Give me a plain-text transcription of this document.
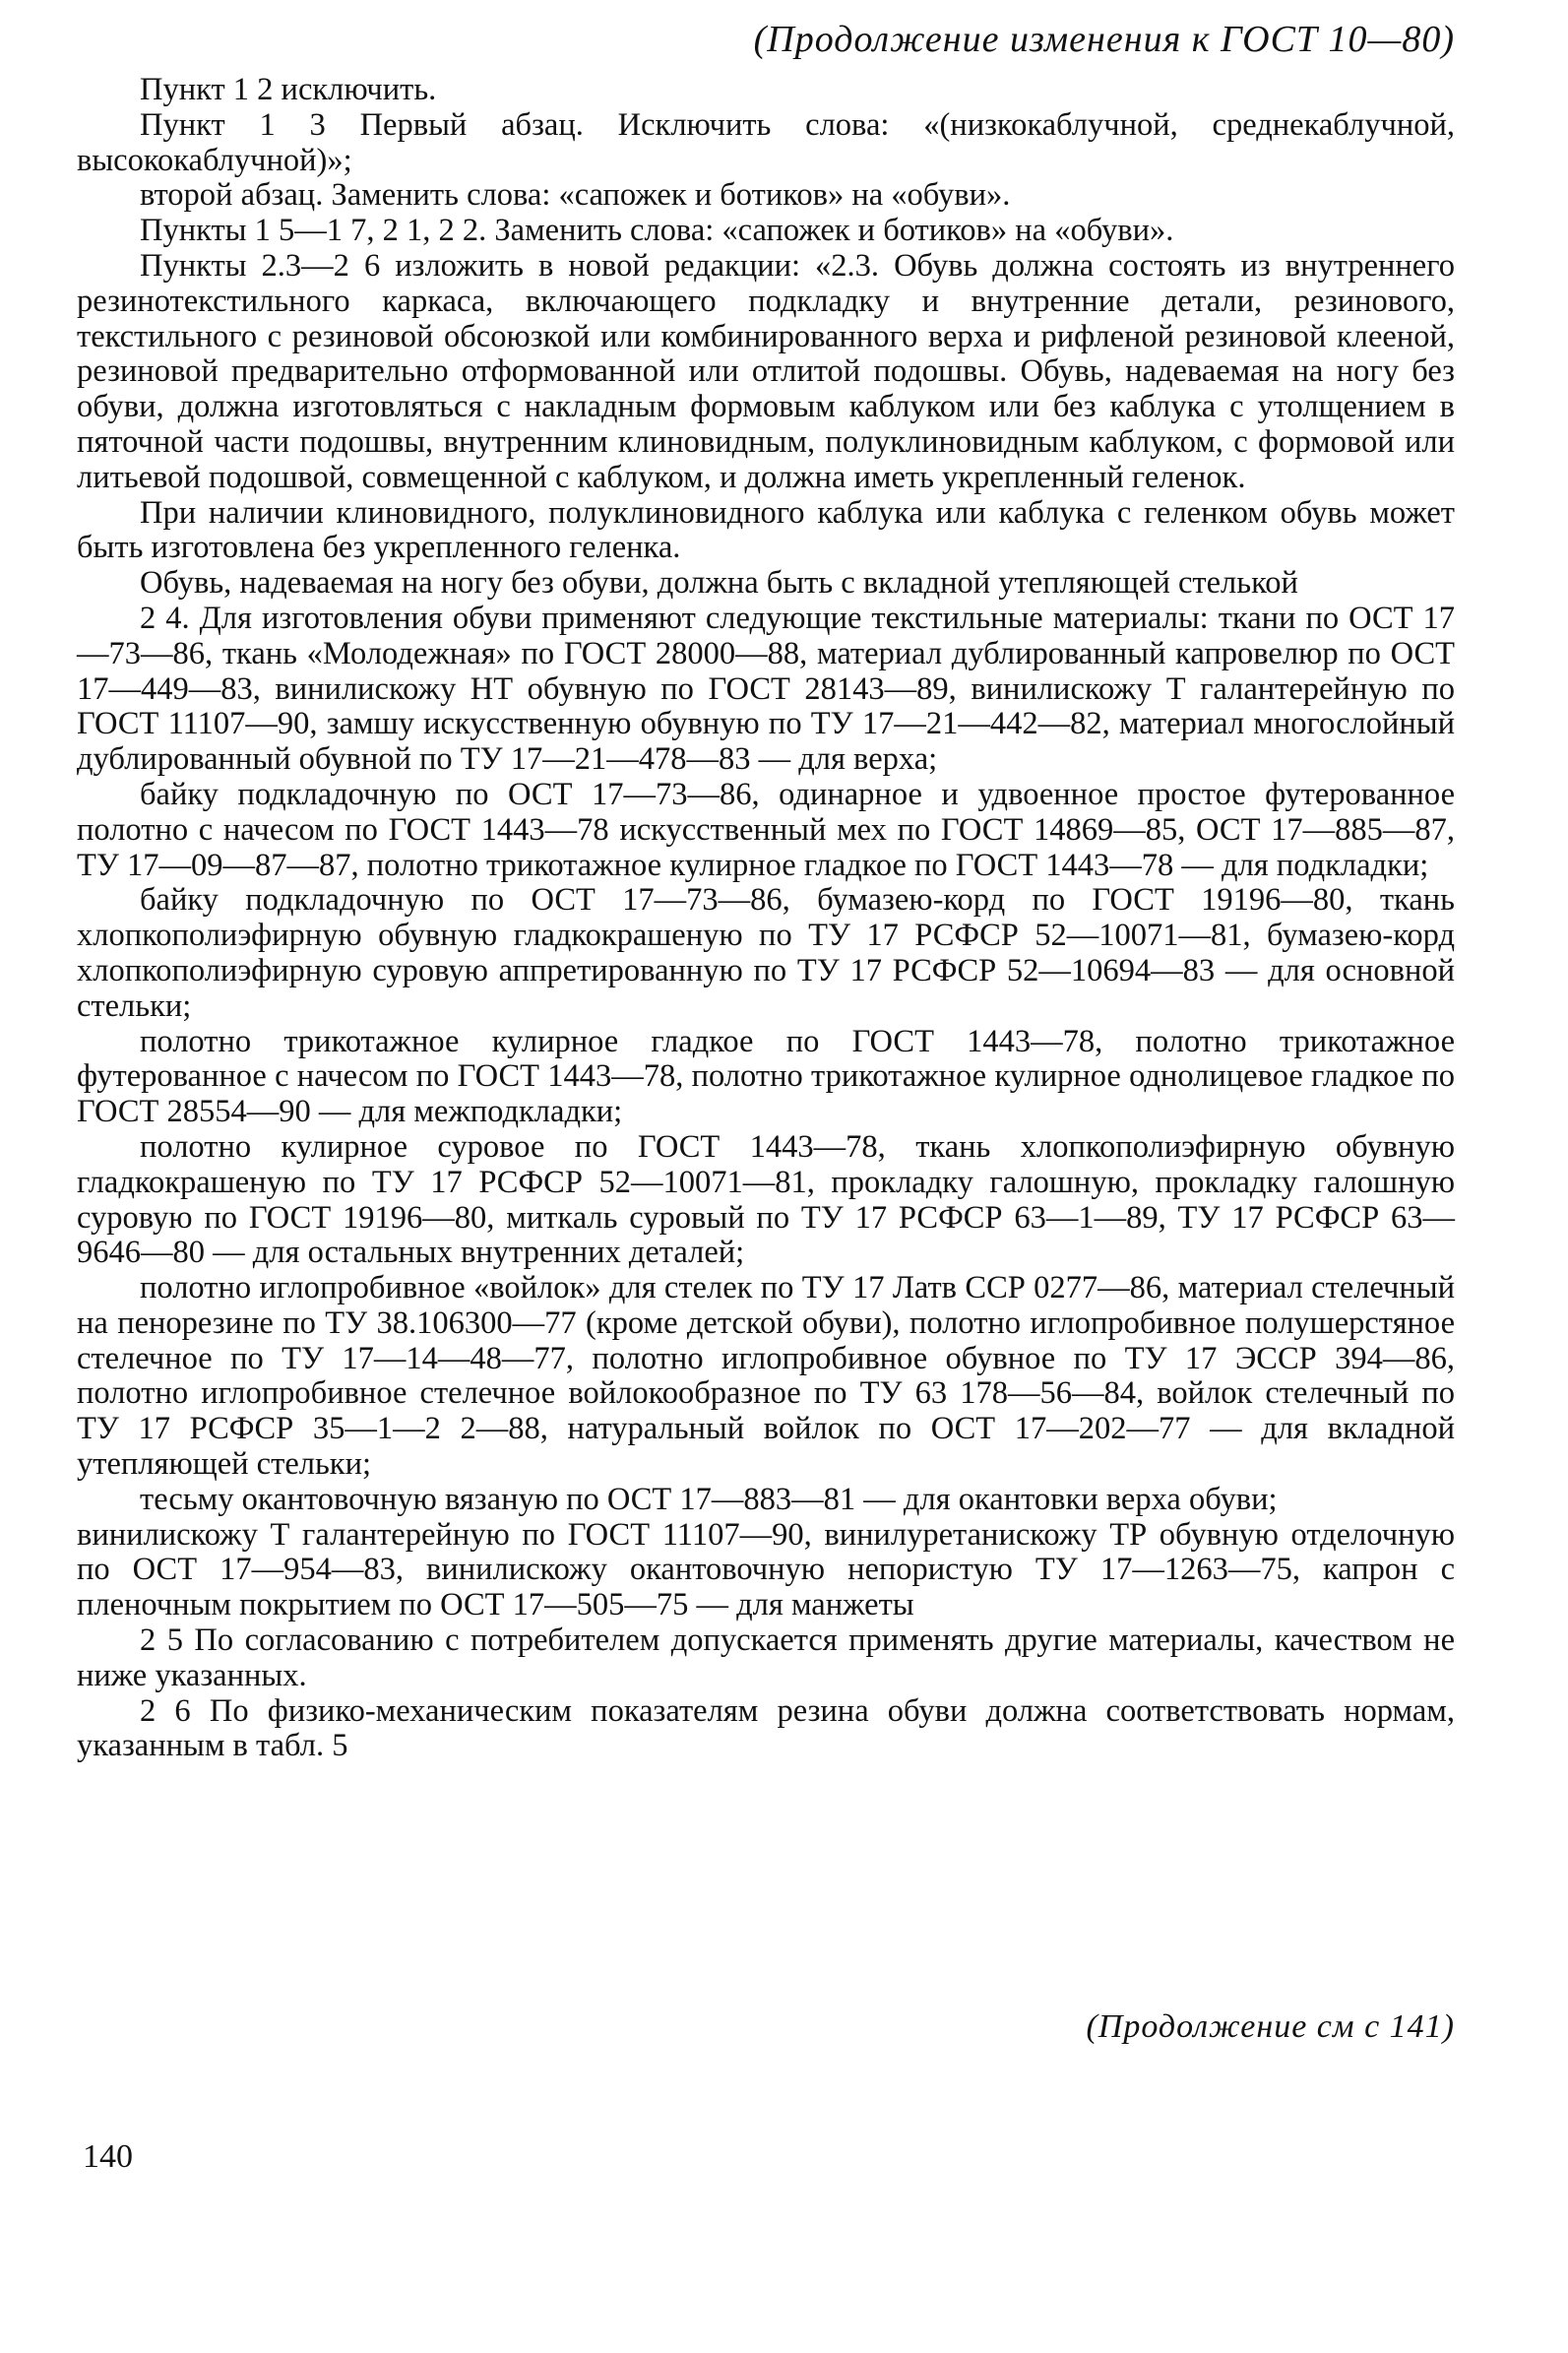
(Продолжение изменения к ГОСТ 10—80)

Пункт 1 2 исключить.

Пункт 1 3 Первый абзац. Исключить слова: «(низкокаблучной, среднекаблучной, высококаблучной)»;

второй абзац. Заменить слова: «сапожек и ботиков» на «обуви».

Пункты 1 5—1 7, 2 1, 2 2. Заменить слова: «сапожек и ботиков» на «обуви».

Пункты 2.3—2 6 изложить в новой редакции: «2.3. Обувь должна состоять из внутреннего резинотекстильного каркаса, включающего подкладку и внутренние детали, резинового, текстильного с резиновой обсоюзкой или комбинированного верха и рифленой резиновой клееной, резиновой предварительно отформованной или отлитой подошвы. Обувь, надеваемая на ногу без обуви, должна изготовляться с накладным формовым каблуком или без каблука с утолщением в пяточной части подошвы, внутренним клиновидным, полуклиновидным каблуком, с формовой или литьевой подошвой, совмещенной с каблуком, и должна иметь укрепленный геленок.

При наличии клиновидного, полуклиновидного каблука или каблука с геленком обувь может быть изготовлена без укрепленного геленка.

Обувь, надеваемая на ногу без обуви, должна быть с вкладной утепляющей стелькой

2 4. Для изготовления обуви применяют следующие текстильные материалы: ткани по ОСТ 17—73—86, ткань «Молодежная» по ГОСТ 28000—88, материал дублированный капровелюр по ОСТ 17—449—83, винилискожу НТ обувную по ГОСТ 28143—89, винилискожу Т галантерейную по ГОСТ 11107—90, замшу искусственную обувную по ТУ 17—21—442—82, материал многослойный дублированный обувной по ТУ 17—21—478—83 — для верха;

байку подкладочную по ОСТ 17—73—86, одинарное и удвоенное простое футерованное полотно с начесом по ГОСТ 1443—78 искусственный мех по ГОСТ 14869—85, ОСТ 17—885—87, ТУ 17—09—87—87, полотно трикотажное кулирное гладкое по ГОСТ 1443—78 — для подкладки;

байку подкладочную по ОСТ 17—73—86, бумазею-корд по ГОСТ 19196—80, ткань хлопкополиэфирную обувную гладкокрашеную по ТУ 17 РСФСР 52—10071—81, бумазею-корд хлопкополиэфирную суровую аппретированную по ТУ 17 РСФСР 52—10694—83 — для основной стельки;

полотно трикотажное кулирное гладкое по ГОСТ 1443—78, полотно трикотажное футерованное с начесом по ГОСТ 1443—78, полотно трикотажное кулирное однолицевое гладкое по ГОСТ 28554—90 — для межподкладки;

полотно кулирное суровое по ГОСТ 1443—78, ткань хлопкополиэфирную обувную гладкокрашеную по ТУ 17 РСФСР 52—10071—81, прокладку галошную, прокладку галошную суровую по ГОСТ 19196—80, миткаль суровый по ТУ 17 РСФСР 63—1—89, ТУ 17 РСФСР 63—9646—80 — для остальных внутренних деталей;

полотно иглопробивное «войлок» для стелек по ТУ 17 Латв ССР 0277—86, материал стелечный на пенорезине по ТУ 38.106300—77 (кроме детской обуви), полотно иглопробивное полушерстяное стелечное по ТУ 17—14—48—77, полотно иглопробивное обувное по ТУ 17 ЭССР 394—86, полотно иглопробивное стелечное войлокообразное по ТУ 63 178—56—84, войлок стелечный по ТУ 17 РСФСР 35—1—2 2—88, натуральный войлок по ОСТ 17—202—77 — для вкладной утепляющей стельки;

тесьму окантовочную вязаную по ОСТ 17—883—81 — для окантовки верха обуви;

винилискожу Т галантерейную по ГОСТ 11107—90, винилуретанискожу ТР обувную отделочную по ОСТ 17—954—83, винилискожу окантовочную непористую ТУ 17—1263—75, капрон с пленочным покрытием по ОСТ 17—505—75 — для манжеты

2 5 По согласованию с потребителем допускается применять другие материалы, качеством не ниже указанных.

2 6 По физико-механическим показателям резина обуви должна соответствовать нормам, указанным в табл. 5

(Продолжение см с 141)
140
